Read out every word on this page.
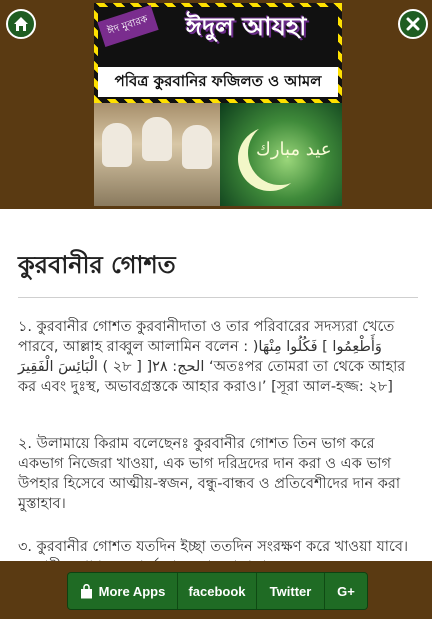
ঈদ মুবারক	ঈদুল আযহা
পবিত্র কুরবানির ফজিলত ও আমল
عيد مبارك
কুরবানীর গোশত

১. কুরবানীর গোশত কুরবানীদাতা ও তার পরিবারের সদস্যরা খেতে পারবে, আল্লাহ রাব্বুল আলামিন বলেন : )فَكُلُوا مِنْهَا [ وَأَطْعِمُوا الْبَائِسَ الْفَقِيرَ ( ২৮ ] ]الحج: ٢٨ ‘অতঃপর তোমরা তা থেকে আহার কর এবং দুঃস্থ, অভাবগ্রস্তকে আহার করাও।’ [সূরা আল-হজ্জ: ২৮]

২. উলামায়ে কিরাম বলেছেনঃ কুরবানীর গোশত তিন ভাগ করে একভাগ নিজেরা খাওয়া, এক ভাগ দরিদ্রদের দান করা ও এক ভাগ উপহার হিসেবে আত্মীয়-স্বজন, বন্ধু-বান্ধব ও প্রতিবেশীদের দান করা মুস্তাহাব।

৩. কুরবানীর গোশত যতদিন ইচ্ছা ততদিন সংরক্ষণ করে খাওয়া যাবে।

More Apps	facebook	Twitter	G+
